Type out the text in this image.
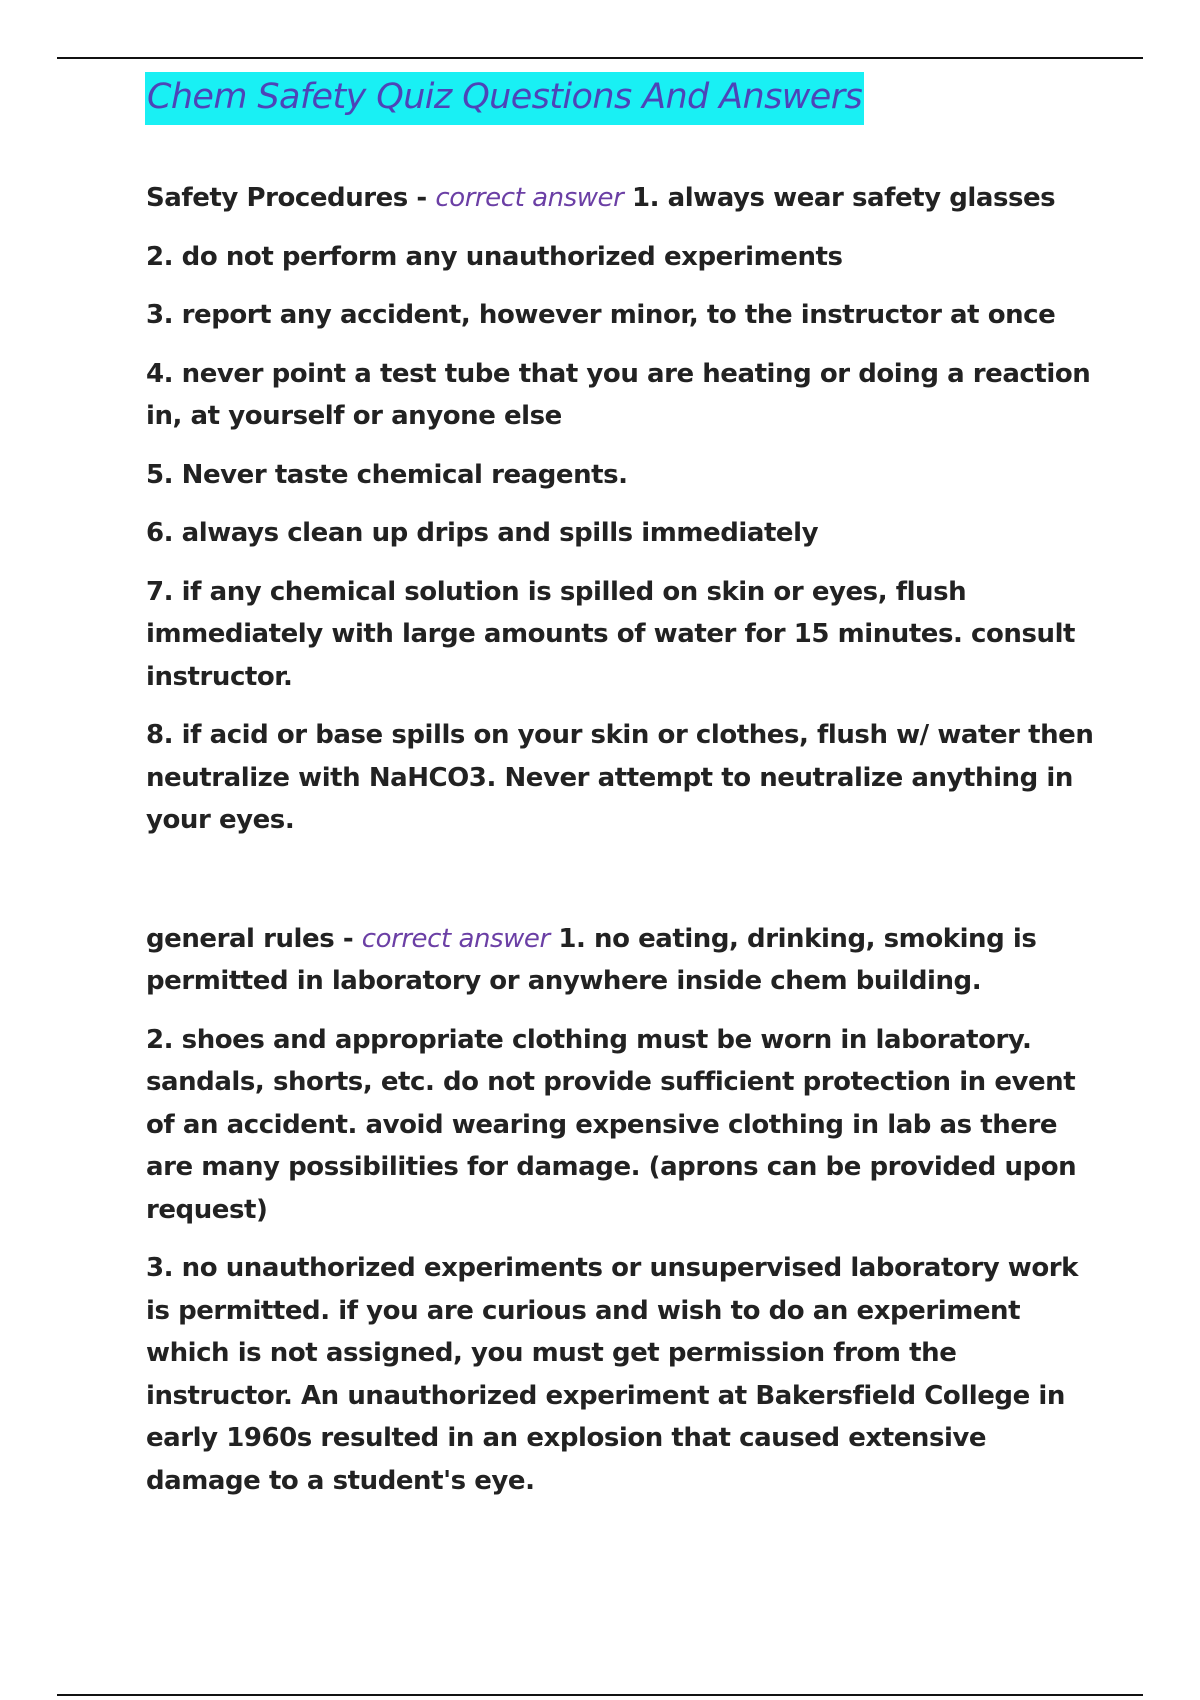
Chem Safety Quiz Questions And Answers

Safety Procedures - correct answer 1. always wear safety glasses

2. do not perform any unauthorized experiments

3. report any accident, however minor, to the instructor at once

4. never point a test tube that you are heating or doing a reaction in, at yourself or anyone else

5. Never taste chemical reagents.

6. always clean up drips and spills immediately

7. if any chemical solution is spilled on skin or eyes, flush immediately with large amounts of water for 15 minutes. consult instructor.

8. if acid or base spills on your skin or clothes, flush w/ water then neutralize with NaHCO3. Never attempt to neutralize anything in your eyes.

general rules - correct answer 1. no eating, drinking, smoking is permitted in laboratory or anywhere inside chem building.

2. shoes and appropriate clothing must be worn in laboratory. sandals, shorts, etc. do not provide sufficient protection in event of an accident. avoid wearing expensive clothing in lab as there are many possibilities for damage. (aprons can be provided upon request)

3. no unauthorized experiments or unsupervised laboratory work is permitted. if you are curious and wish to do an experiment which is not assigned, you must get permission from the instructor. An unauthorized experiment at Bakersfield College in early 1960s resulted in an explosion that caused extensive damage to a student's eye.
